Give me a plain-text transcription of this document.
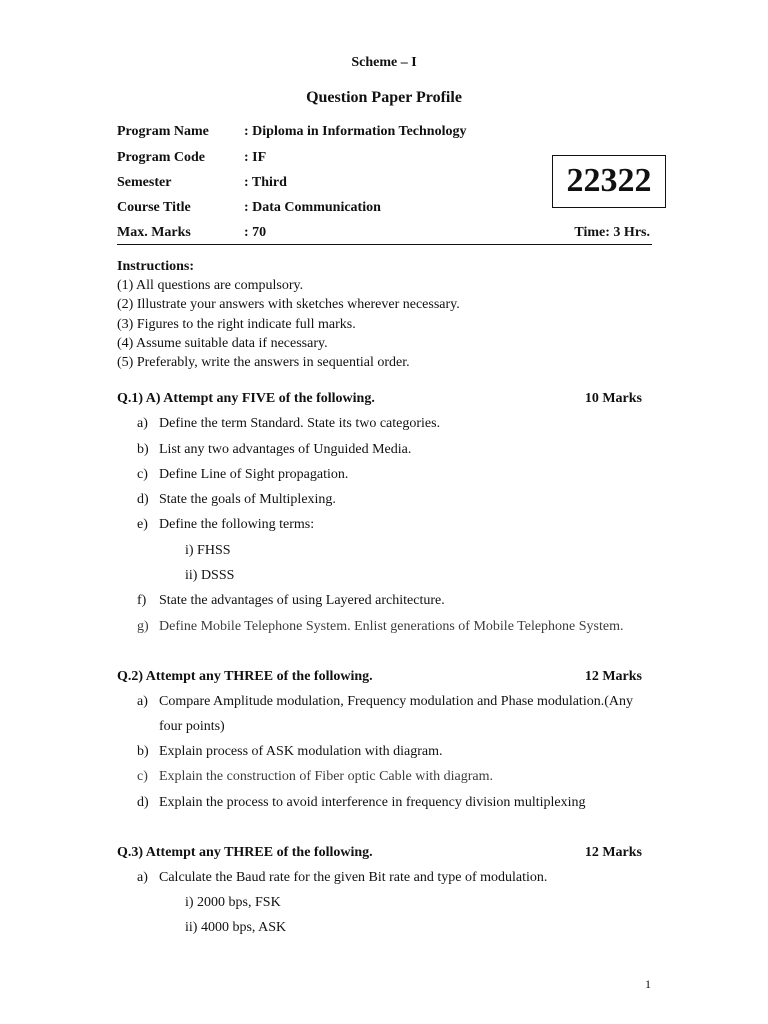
Scheme – I
Question Paper Profile
Program Name	: Diploma in Information Technology
Program Code	: IF
Semester	: Third
Course Title	: Data Communication
Max. Marks	: 70
22322
Time: 3 Hrs.
Instructions:
(1) All questions are compulsory.
(2) Illustrate your answers with sketches wherever necessary.
(3) Figures to the right indicate full marks.
(4) Assume suitable data if necessary.
(5) Preferably, write the answers in sequential order.
Q.1) A) Attempt any FIVE of the following.	10 Marks
a) Define the term Standard. State its two categories.
b) List any two advantages of Unguided Media.
c) Define Line of Sight propagation.
d) State the goals of Multiplexing.
e) Define the following terms:
i) FHSS
ii) DSSS
f) State the advantages of using Layered architecture.
g) Define Mobile Telephone System. Enlist generations of Mobile Telephone System.
Q.2) Attempt any THREE of the following.	12 Marks
a) Compare Amplitude modulation, Frequency modulation and Phase modulation.(Any
four points)
b) Explain process of ASK modulation with diagram.
c) Explain the construction of Fiber optic Cable with diagram.
d) Explain the process to avoid interference in frequency division multiplexing
Q.3) Attempt any THREE of the following.	12 Marks
a) Calculate the Baud rate for the given Bit rate and type of modulation.
i) 2000 bps, FSK
ii) 4000 bps, ASK
1
